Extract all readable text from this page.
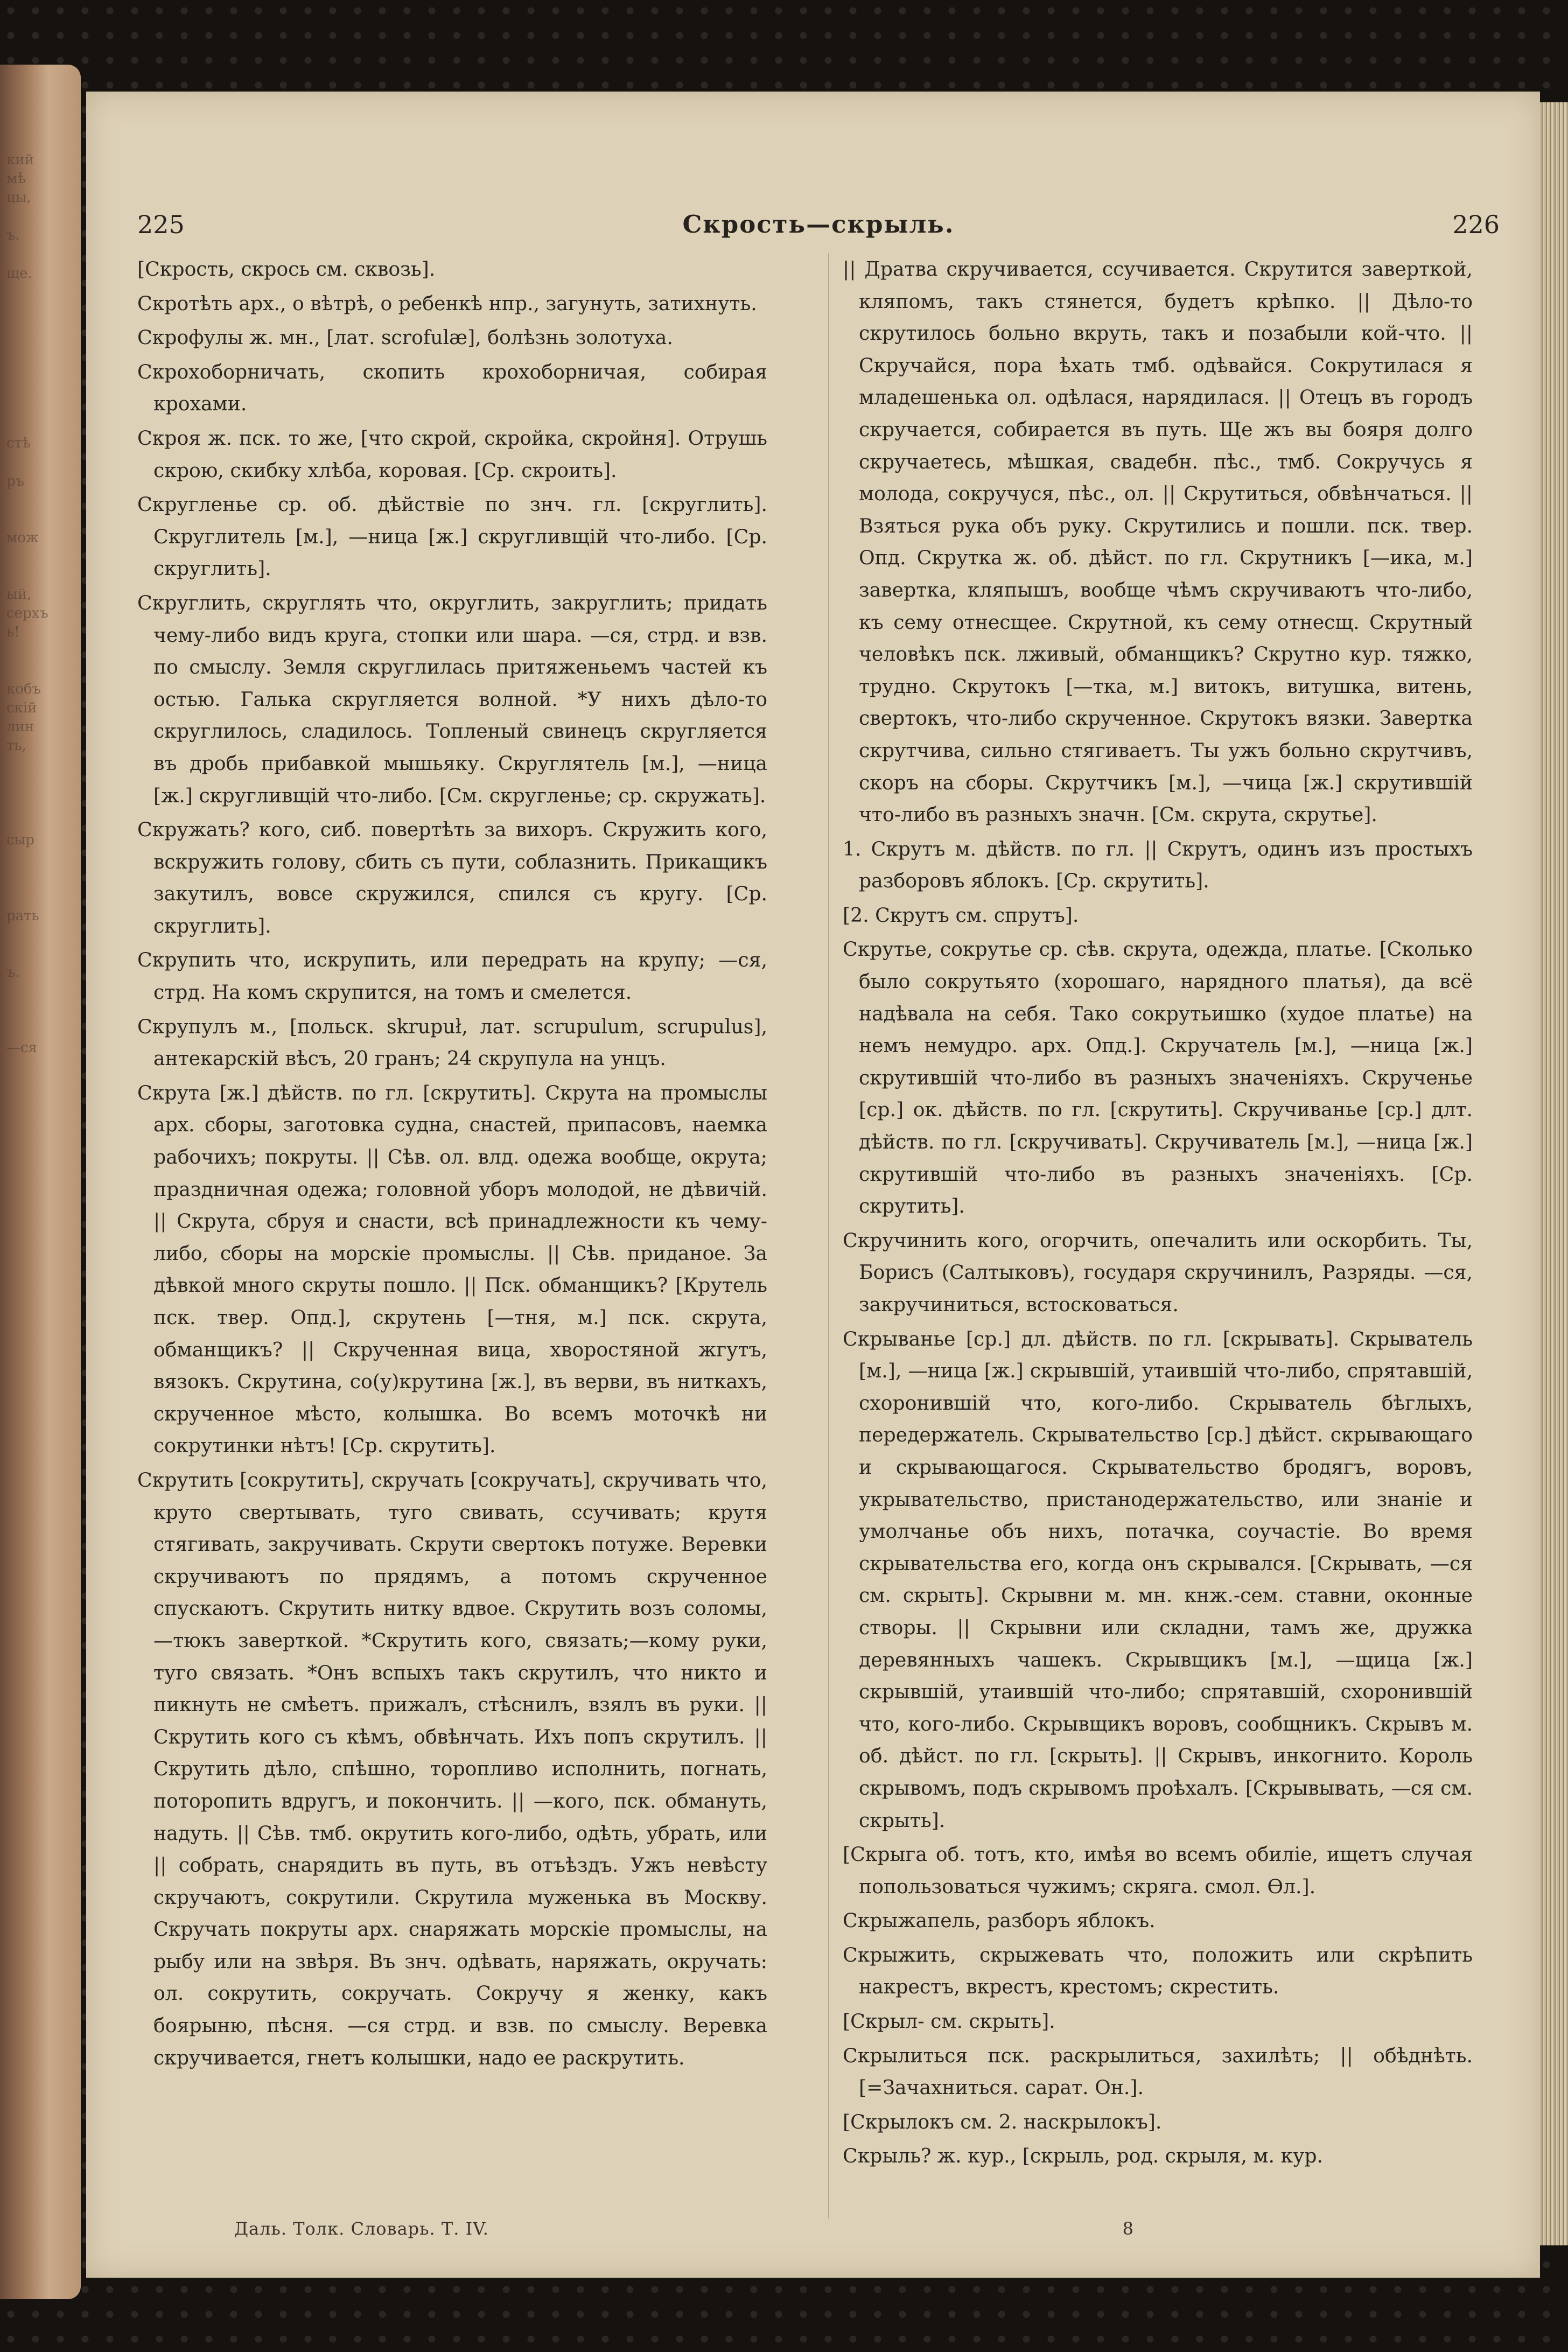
кий
мѣ
цы,

ъ.

ще.

стѣ

ръ

мож

ый,
серхъ
ь!

кобъ
скій
лин
ть,

сыр

рать

ъ.

—ся
225	Скрость—скрыль.	226

[Скрость, скрось см. сквозь].

Скротѣть арх., о вѣтрѣ, о ребенкѣ нпр., загунуть, затихнуть.

Скрофулы ж. мн., [лат. scrofulæ], болѣзнь золотуха.

Скрохоборничать, скопить крохоборничая, собирая крохами.

Скроя ж. пск. то же, [что скрой, скройка, скройня]. Отрушь скрою, скибку хлѣба, коровая. [Ср. скроить].

Скругленье ср. об. дѣйствіе по знч. гл. [скруглить]. Скруглитель [м.], —ница [ж.] скругливщій что-либо. [Ср. скруглить].

Скруглить, скруглять что, округлить, закруглить; придать чему-либо видъ круга, стопки или шара. —ся, стрд. и взв. по смыслу. Земля скруглилась притяженьемъ частей къ остью. Галька скругляется волной. *У нихъ дѣло-то скруглилось, сладилось. Топленый свинецъ скругляется въ дробь прибавкой мышьяку. Скруглятель [м.], —ница [ж.] скругливщій что-либо. [См. скругленье; ср. скружать].

Скружать? кого, сиб. повертѣть за вихоръ. Скружить кого, вскружить голову, сбить съ пути, соблазнить. Прикащикъ закутилъ, вовсе скружился, спился съ кругу. [Ср. скруглить].

Скрупить что, искрупить, или передрать на крупу; —ся, стрд. На комъ скрупится, на томъ и смелется.

Скрупулъ м., [польск. skrupuł, лат. scrupulum, scrupulus], антекарскій вѣсъ, 20 гранъ; 24 скрупула на унцъ.

Скрута [ж.] дѣйств. по гл. [скрутить]. Скрута на промыслы арх. сборы, заготовка судна, снастей, припасовъ, наемка рабочихъ; покруты. || Сѣв. ол. влд. одежа вообще, окрута; праздничная одежа; головной уборъ молодой, не дѣвичій. || Скрута, сбруя и снасти, всѣ принадлежности къ чему-либо, сборы на морскіе промыслы. || Сѣв. приданое. За дѣвкой много скруты пошло. || Пск. обманщикъ? [Крутель пск. твер. Опд.], скрутень [—тня, м.] пск. скрута, обманщикъ? || Скрученная вица, хворостяной жгутъ, вязокъ. Скрутина, со(у)крутина [ж.], въ верви, въ ниткахъ, скрученное мѣсто, колышка. Во всемъ моточкѣ ни сокрутинки нѣтъ! [Ср. скрутить].

Скрутить [сокрутить], скручать [сокручать], скручивать что, круто свертывать, туго свивать, ссучивать; крутя стягивать, закручивать. Скрути свертокъ потуже. Веревки скручиваютъ по прядямъ, а потомъ скрученное спускаютъ. Скрутить нитку вдвое. Скрутить возъ соломы,—тюкъ заверткой. *Скрутить кого, связать;—кому руки, туго связать. *Онъ вспыхъ такъ скрутилъ, что никто и пикнуть не смѣетъ. прижалъ, стѣснилъ, взялъ въ руки. || Скрутить кого съ кѣмъ, обвѣнчать. Ихъ попъ скрутилъ. || Скрутить дѣло, спѣшно, торопливо исполнить, погнать, поторопить вдругъ, и покончить. || —кого, пск. обмануть, надуть. || Сѣв. тмб. окрутить кого-либо, одѣть, убрать, или || собрать, снарядить въ путь, въ отъѣздъ. Ужъ невѣсту скручаютъ, сокрутили. Скрутила муженька въ Москву. Скручать покруты арх. снаряжать морскіе промыслы, на рыбу или на звѣря. Въ знч. одѣвать, наряжать, окручать: ол. сокрутить, сокручать. Сокручу я женку, какъ боярыню, пѣсня. —ся стрд. и взв. по смыслу. Веревка скручивается, гнетъ колышки, надо ее раскрутить.

|| Дратва скручивается, ссучивается. Скрутится заверткой, кляпомъ, такъ стянется, будетъ крѣпко. || Дѣло-то скрутилось больно вкруть, такъ и позабыли кой-что. || Скручайся, пора ѣхать тмб. одѣвайся. Сокрутилася я младешенька ол. одѣлася, нарядилася. || Отецъ въ городъ скручается, собирается въ путь. Ще жъ вы бояря долго скручаетесь, мѣшкая, свадебн. пѣс., тмб. Сокручусь я молода, сокручуся, пѣс., ол. || Скрутиться, обвѣнчаться. || Взяться рука объ руку. Скрутились и пошли. пск. твер. Опд. Скрутка ж. об. дѣйст. по гл. Скрутникъ [—ика, м.] завертка, кляпышъ, вообще чѣмъ скручиваютъ что-либо, къ сему отнесщее. Скрутной, къ сему отнесщ. Скрутный человѣкъ пск. лживый, обманщикъ? Скрутно кур. тяжко, трудно. Скрутокъ [—тка, м.] витокъ, витушка, витень, свертокъ, что-либо скрученное. Скрутокъ вязки. Завертка скрутчива, сильно стягиваетъ. Ты ужъ больно скрутчивъ, скоръ на сборы. Скрутчикъ [м.], —чица [ж.] скрутившій что-либо въ разныхъ значн. [См. скрута, скрутье].

1. Скрутъ м. дѣйств. по гл. || Скрутъ, одинъ изъ простыхъ разборовъ яблокъ. [Ср. скрутить].

[2. Скрутъ см. спрутъ].

Скрутье, сокрутье ср. сѣв. скрута, одежда, платье. [Сколько было сокрутьято (хорошаго, нарядного платья), да всё надѣвала на себя. Тако сокрутьишко (худое платье) на немъ немудро. арх. Опд.]. Скручатель [м.], —ница [ж.] скрутившій что-либо въ разныхъ значеніяхъ. Скрученье [ср.] ок. дѣйств. по гл. [скрутить]. Скручиванье [ср.] длт. дѣйств. по гл. [скручивать]. Скручиватель [м.], —ница [ж.] скрутившій что-либо въ разныхъ значеніяхъ. [Ср. скрутить].

Скручинить кого, огорчить, опечалить или оскорбить. Ты, Борисъ (Салтыковъ), государя скручинилъ, Разряды. —ся, закручиниться, встосковаться.

Скрыванье [ср.] дл. дѣйств. по гл. [скрывать]. Скрыватель [м.], —ница [ж.] скрывшій, утаившій что-либо, спрятавшій, схоронившій что, кого-либо. Скрыватель бѣглыхъ, передержатель. Скрывательство [ср.] дѣйст. скрывающаго и скрывающагося. Скрывательство бродягъ, воровъ, укрывательство, пристанодержательство, или знаніе и умолчанье объ нихъ, потачка, соучастіе. Во время скрывательства его, когда онъ скрывался. [Скрывать, —ся см. скрыть]. Скрывни м. мн. кнж.-сем. ставни, оконные створы. || Скрывни или складни, тамъ же, дружка деревянныхъ чашекъ. Скрывщикъ [м.], —щица [ж.] скрывшій, утаившій что-либо; спрятавшій, схоронившій что, кого-либо. Скрывщикъ воровъ, сообщникъ. Скрывъ м. об. дѣйст. по гл. [скрыть]. || Скрывъ, инкогнито. Король скрывомъ, подъ скрывомъ проѣхалъ. [Скрывывать, —ся см. скрыть].

[Скрыга об. тотъ, кто, имѣя во всемъ обиліе, ищетъ случая попользоваться чужимъ; скряга. смол. Ѳл.].

Скрыжапель, разборъ яблокъ.

Скрыжить, скрыжевать что, положить или скрѣпить накрестъ, вкрестъ, крестомъ; скрестить.

[Скрыл- см. скрыть].

Скрылиться пск. раскрылиться, захилѣть; || обѣднѣть. [=Зачахниться. сарат. Он.].

[Скрылокъ см. 2. наскрылокъ].

Скрыль? ж. кур., [скрыль, род. скрыля, м. кур.

Даль. Толк. Словарь. Т. IV.	8
